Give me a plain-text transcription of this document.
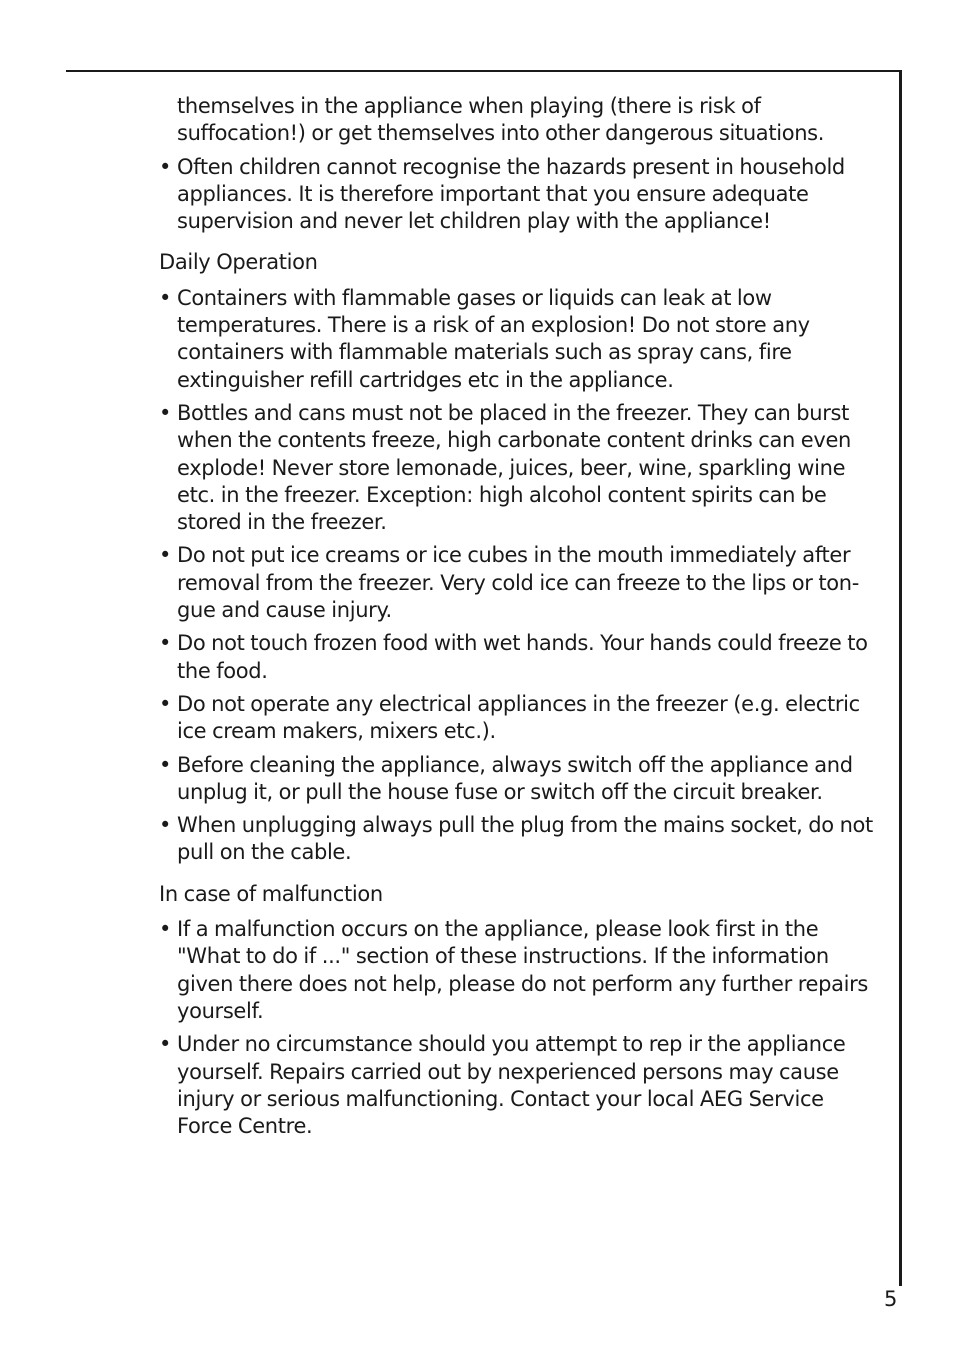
themselves in the appliance when playing (there is risk of suffocation!) or get themselves into other dangerous situations.

• Often children cannot recognise the hazards present in household appliances. It is therefore important that you ensure adequate supervision and never let children play with the appliance!
Daily Operation
• Containers with flammable gases or liquids can leak at low temperatures. There is a risk of an explosion! Do not store any containers with flammable materials such as spray cans, fire extinguisher refill cartridges etc in the appliance.
• Bottles and cans must not be placed in the freezer. They can burst when the contents freeze, high carbonate content drinks can even explode! Never store lemonade, juices, beer, wine, sparkling wine etc. in the freezer. Exception: high alcohol content spirits can be stored in the freezer.
• Do not put ice creams or ice cubes in the mouth immediately after removal from the freezer. Very cold ice can freeze to the lips or ton-gue and cause injury.
• Do not touch frozen food with wet hands. Your hands could freeze to the food.
• Do not operate any electrical appliances in the freezer (e.g. electric ice cream makers, mixers etc.).
• Before cleaning the appliance, always switch off the appliance and unplug it, or pull the house fuse or switch off the circuit breaker.
• When unplugging always pull the plug from the mains socket, do not pull on the cable.
In case of malfunction
• If a malfunction occurs on the appliance, please look first in the "What to do if ..." section of these instructions. If the information given there does not help, please do not perform any further repairs yourself.
• Under no circumstance should you attempt to rep ir the appliance yourself. Repairs carried out by nexperienced persons may cause injury or serious malfunctioning. Contact your local AEG Service Force Centre.
5
